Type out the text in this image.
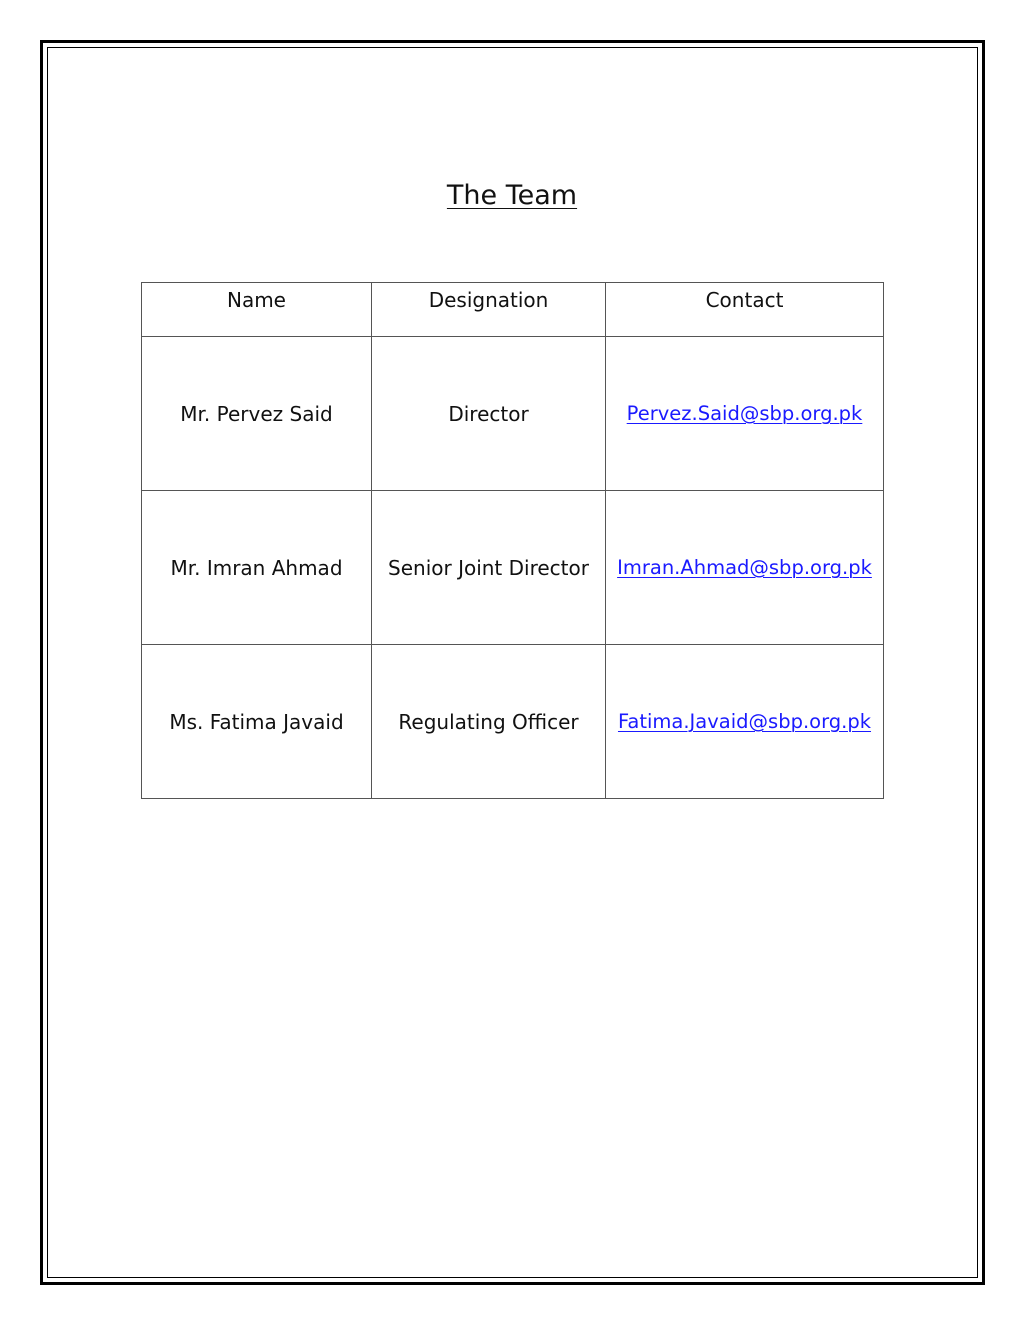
The Team
Name	Designation	Contact
Mr. Pervez Said	Director	Pervez.Said@sbp.org.pk
Mr. Imran Ahmad	Senior Joint Director	Imran.Ahmad@sbp.org.pk
Ms. Fatima Javaid	Regulating Officer	Fatima.Javaid@sbp.org.pk
